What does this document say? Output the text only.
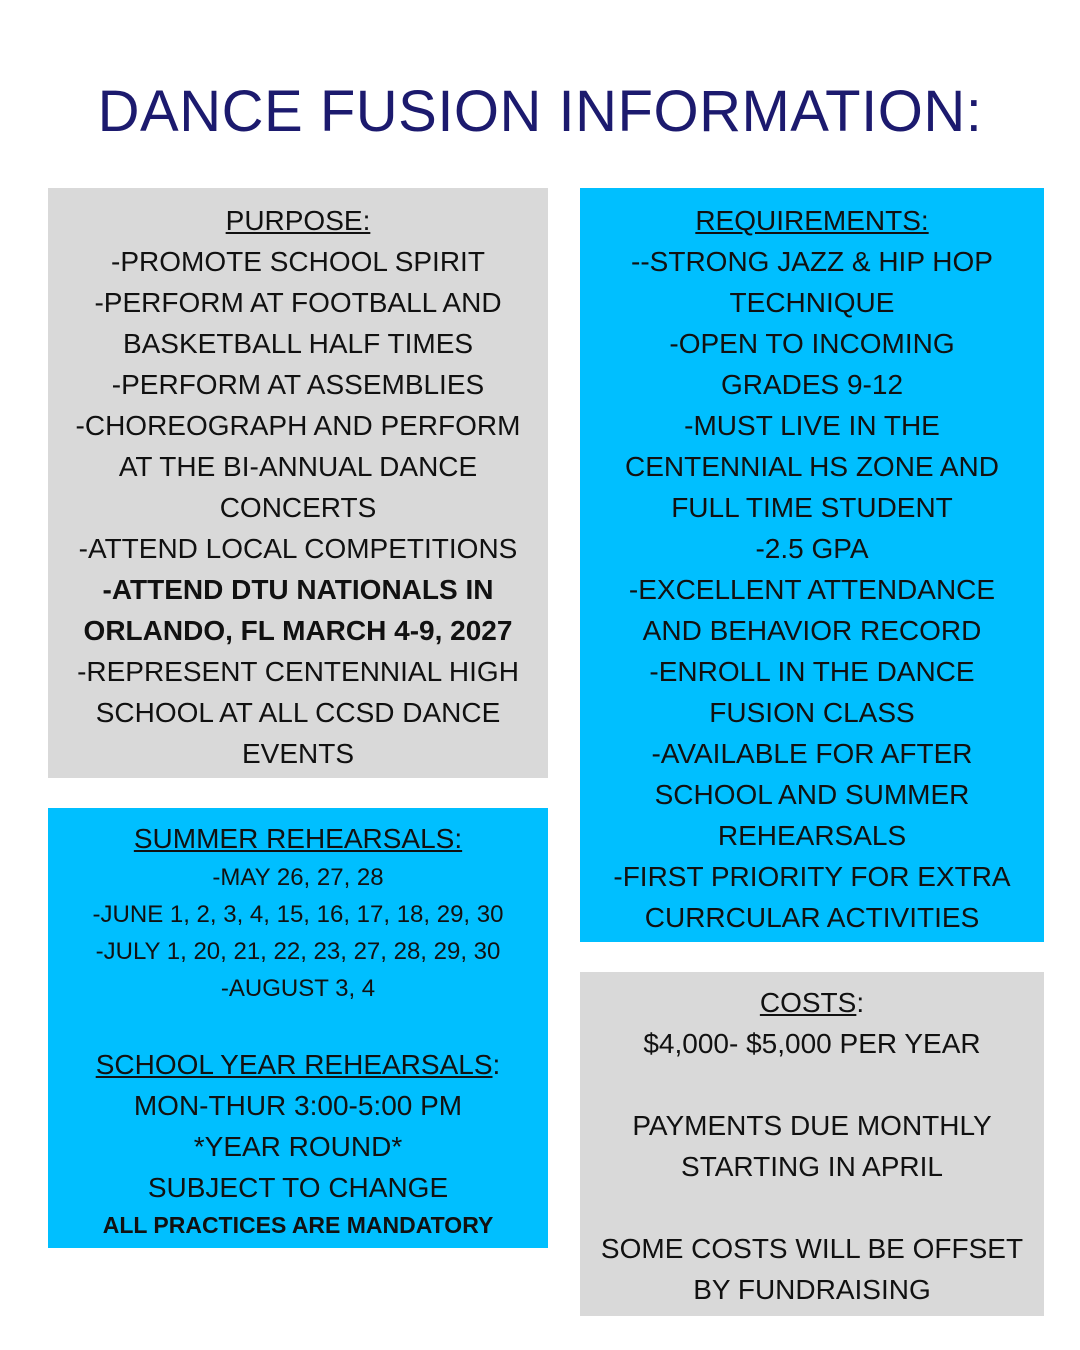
DANCE FUSION INFORMATION:
PURPOSE:
-PROMOTE SCHOOL SPIRIT
-PERFORM AT FOOTBALL AND
BASKETBALL HALF TIMES
-PERFORM AT ASSEMBLIES
-CHOREOGRAPH AND PERFORM
AT THE BI-ANNUAL DANCE
CONCERTS
-ATTEND LOCAL COMPETITIONS
-ATTEND DTU NATIONALS IN
ORLANDO, FL MARCH 4-9, 2027
-REPRESENT CENTENNIAL HIGH
SCHOOL AT ALL CCSD DANCE
EVENTS
REQUIREMENTS:
--STRONG JAZZ & HIP HOP
TECHNIQUE
-OPEN TO INCOMING
GRADES 9-12
-MUST LIVE IN THE
CENTENNIAL HS ZONE AND
FULL TIME STUDENT
-2.5 GPA
-EXCELLENT ATTENDANCE
AND BEHAVIOR RECORD
-ENROLL IN THE DANCE
FUSION CLASS
-AVAILABLE FOR AFTER
SCHOOL AND SUMMER
REHEARSALS
-FIRST PRIORITY FOR EXTRA
CURRCULAR ACTIVITIES
SUMMER REHEARSALS:
-MAY 26, 27, 28
-JUNE 1, 2, 3, 4, 15, 16, 17, 18, 29, 30
-JULY 1, 20, 21, 22, 23, 27, 28, 29, 30
-AUGUST 3, 4
SCHOOL YEAR REHEARSALS:
MON-THUR 3:00-5:00 PM
*YEAR ROUND*
SUBJECT TO CHANGE
ALL PRACTICES ARE MANDATORY
COSTS:
$4,000- $5,000 PER YEAR
PAYMENTS DUE MONTHLY
STARTING IN APRIL
SOME COSTS WILL BE OFFSET
BY FUNDRAISING
